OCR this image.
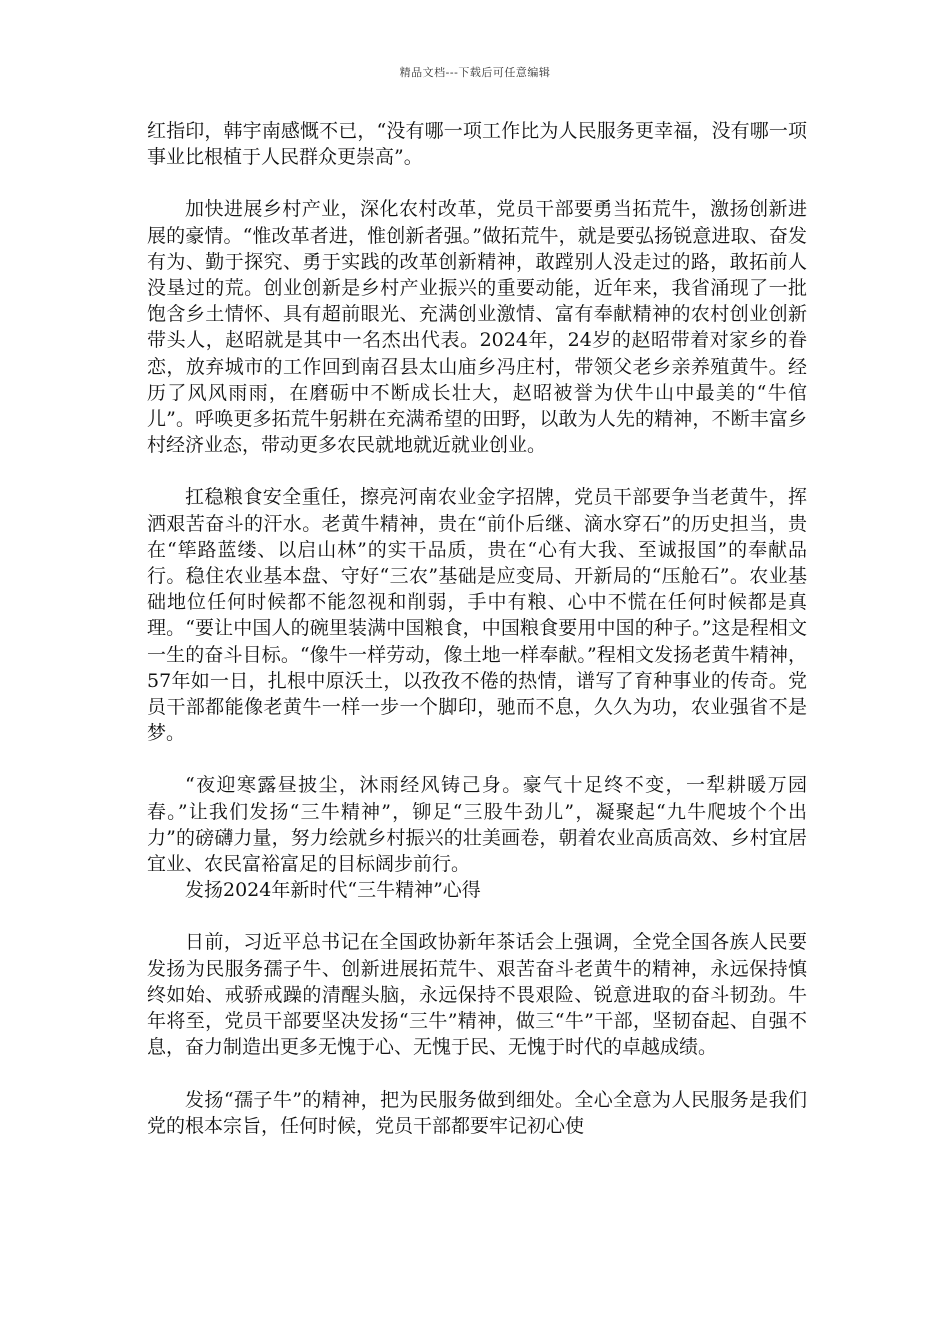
精品文档---下载后可任意编辑

红指印，韩宇南感慨不已，“没有哪一项工作比为人民服务更幸福，没有哪一项事业比根植于人民群众更崇高”。

加快进展乡村产业，深化农村改革，党员干部要勇当拓荒牛，激扬创新进展的豪情。“惟改革者进，惟创新者强。”做拓荒牛，就是要弘扬锐意进取、奋发有为、勤于探究、勇于实践的改革创新精神，敢蹚别人没走过的路，敢拓前人没垦过的荒。创业创新是乡村产业振兴的重要动能，近年来，我省涌现了一批饱含乡土情怀、具有超前眼光、充满创业激情、富有奉献精神的农村创业创新带头人，赵昭就是其中一名杰出代表。2024年，24岁的赵昭带着对家乡的眷恋，放弃城市的工作回到南召县太山庙乡冯庄村，带领父老乡亲养殖黄牛。经历了风风雨雨，在磨砺中不断成长壮大，赵昭被誉为伏牛山中最美的“牛倌儿”。呼唤更多拓荒牛躬耕在充满希望的田野，以敢为人先的精神，不断丰富乡村经济业态，带动更多农民就地就近就业创业。

扛稳粮食安全重任，擦亮河南农业金字招牌，党员干部要争当老黄牛，挥洒艰苦奋斗的汗水。老黄牛精神，贵在“前仆后继、滴水穿石”的历史担当，贵在“筚路蓝缕、以启山林”的实干品质，贵在“心有大我、至诚报国”的奉献品行。稳住农业基本盘、守好“三农”基础是应变局、开新局的“压舱石”。农业基础地位任何时候都不能忽视和削弱，手中有粮、心中不慌在任何时候都是真理。“要让中国人的碗里装满中国粮食，中国粮食要用中国的种子。”这是程相文一生的奋斗目标。“像牛一样劳动，像土地一样奉献。”程相文发扬老黄牛精神，57年如一日，扎根中原沃土，以孜孜不倦的热情，谱写了育种事业的传奇。党员干部都能像老黄牛一样一步一个脚印，驰而不息，久久为功，农业强省不是梦。

“夜迎寒露昼披尘，沐雨经风铸己身。豪气十足终不变，一犁耕暖万园春。”让我们发扬“三牛精神”，铆足“三股牛劲儿”，凝聚起“九牛爬坡个个出力”的磅礴力量，努力绘就乡村振兴的壮美画卷，朝着农业高质高效、乡村宜居宜业、农民富裕富足的目标阔步前行。

发扬2024年新时代“三牛精神”心得

日前，习近平总书记在全国政协新年茶话会上强调，全党全国各族人民要发扬为民服务孺子牛、创新进展拓荒牛、艰苦奋斗老黄牛的精神，永远保持慎终如始、戒骄戒躁的清醒头脑，永远保持不畏艰险、锐意进取的奋斗韧劲。牛年将至，党员干部要坚决发扬“三牛”精神，做三“牛”干部，坚韧奋起、自强不息，奋力制造出更多无愧于心、无愧于民、无愧于时代的卓越成绩。

发扬“孺子牛”的精神，把为民服务做到细处。全心全意为人民服务是我们党的根本宗旨，任何时候，党员干部都要牢记初心使
